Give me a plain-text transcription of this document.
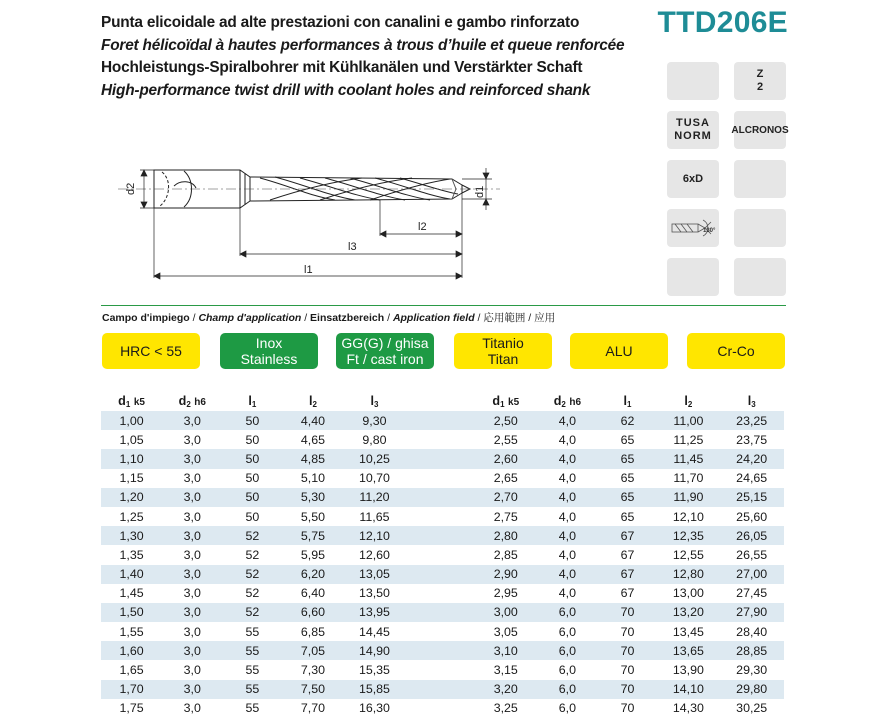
Punta elicoidale ad alte prestazioni con canalini e gambo rinforzato
Foret hélicoïdal à hautes performances à trous d’huile et queue renforcée
Hochleistungs-Spiralbohrer mit Kühlkanälen und Verstärkter Schaft
High-performance twist drill with coolant holes and reinforced shank
TTD206E
Z
2
TUSA
NORM ALCRONOS
6xD
130°
d2	d1
l2
l3
l1
Campo d'impiego / Champ d'application / Einsatzbereich / Application field / 応用範囲 / 应用
HRC < 55	Inox
Stainless
GG(G) / ghisa
Ft / cast iron
Titanio
Titan	ALU	Cr-Co
$d_1$ k5	$d_2$ h6	$l_1$	$l_2$	$l_3$		$d_1$ k5	$d_2$ h6	$l_1$	$l_2$	$l_3$
1,00	3,0	50	4,40	9,30		2,50	4,0	62	11,00	23,25
1,05	3,0	50	4,65	9,80		2,55	4,0	65	11,25	23,75
1,10	3,0	50	4,85	10,25		2,60	4,0	65	11,45	24,20
1,15	3,0	50	5,10	10,70		2,65	4,0	65	11,70	24,65
1,20	3,0	50	5,30	11,20		2,70	4,0	65	11,90	25,15
1,25	3,0	50	5,50	11,65		2,75	4,0	65	12,10	25,60
1,30	3,0	52	5,75	12,10		2,80	4,0	67	12,35	26,05
1,35	3,0	52	5,95	12,60		2,85	4,0	67	12,55	26,55
1,40	3,0	52	6,20	13,05		2,90	4,0	67	12,80	27,00
1,45	3,0	52	6,40	13,50		2,95	4,0	67	13,00	27,45
1,50	3,0	52	6,60	13,95		3,00	6,0	70	13,20	27,90
1,55	3,0	55	6,85	14,45		3,05	6,0	70	13,45	28,40
1,60	3,0	55	7,05	14,90		3,10	6,0	70	13,65	28,85
1,65	3,0	55	7,30	15,35		3,15	6,0	70	13,90	29,30
1,70	3,0	55	7,50	15,85		3,20	6,0	70	14,10	29,80
1,75	3,0	55	7,70	16,30		3,25	6,0	70	14,30	30,25
